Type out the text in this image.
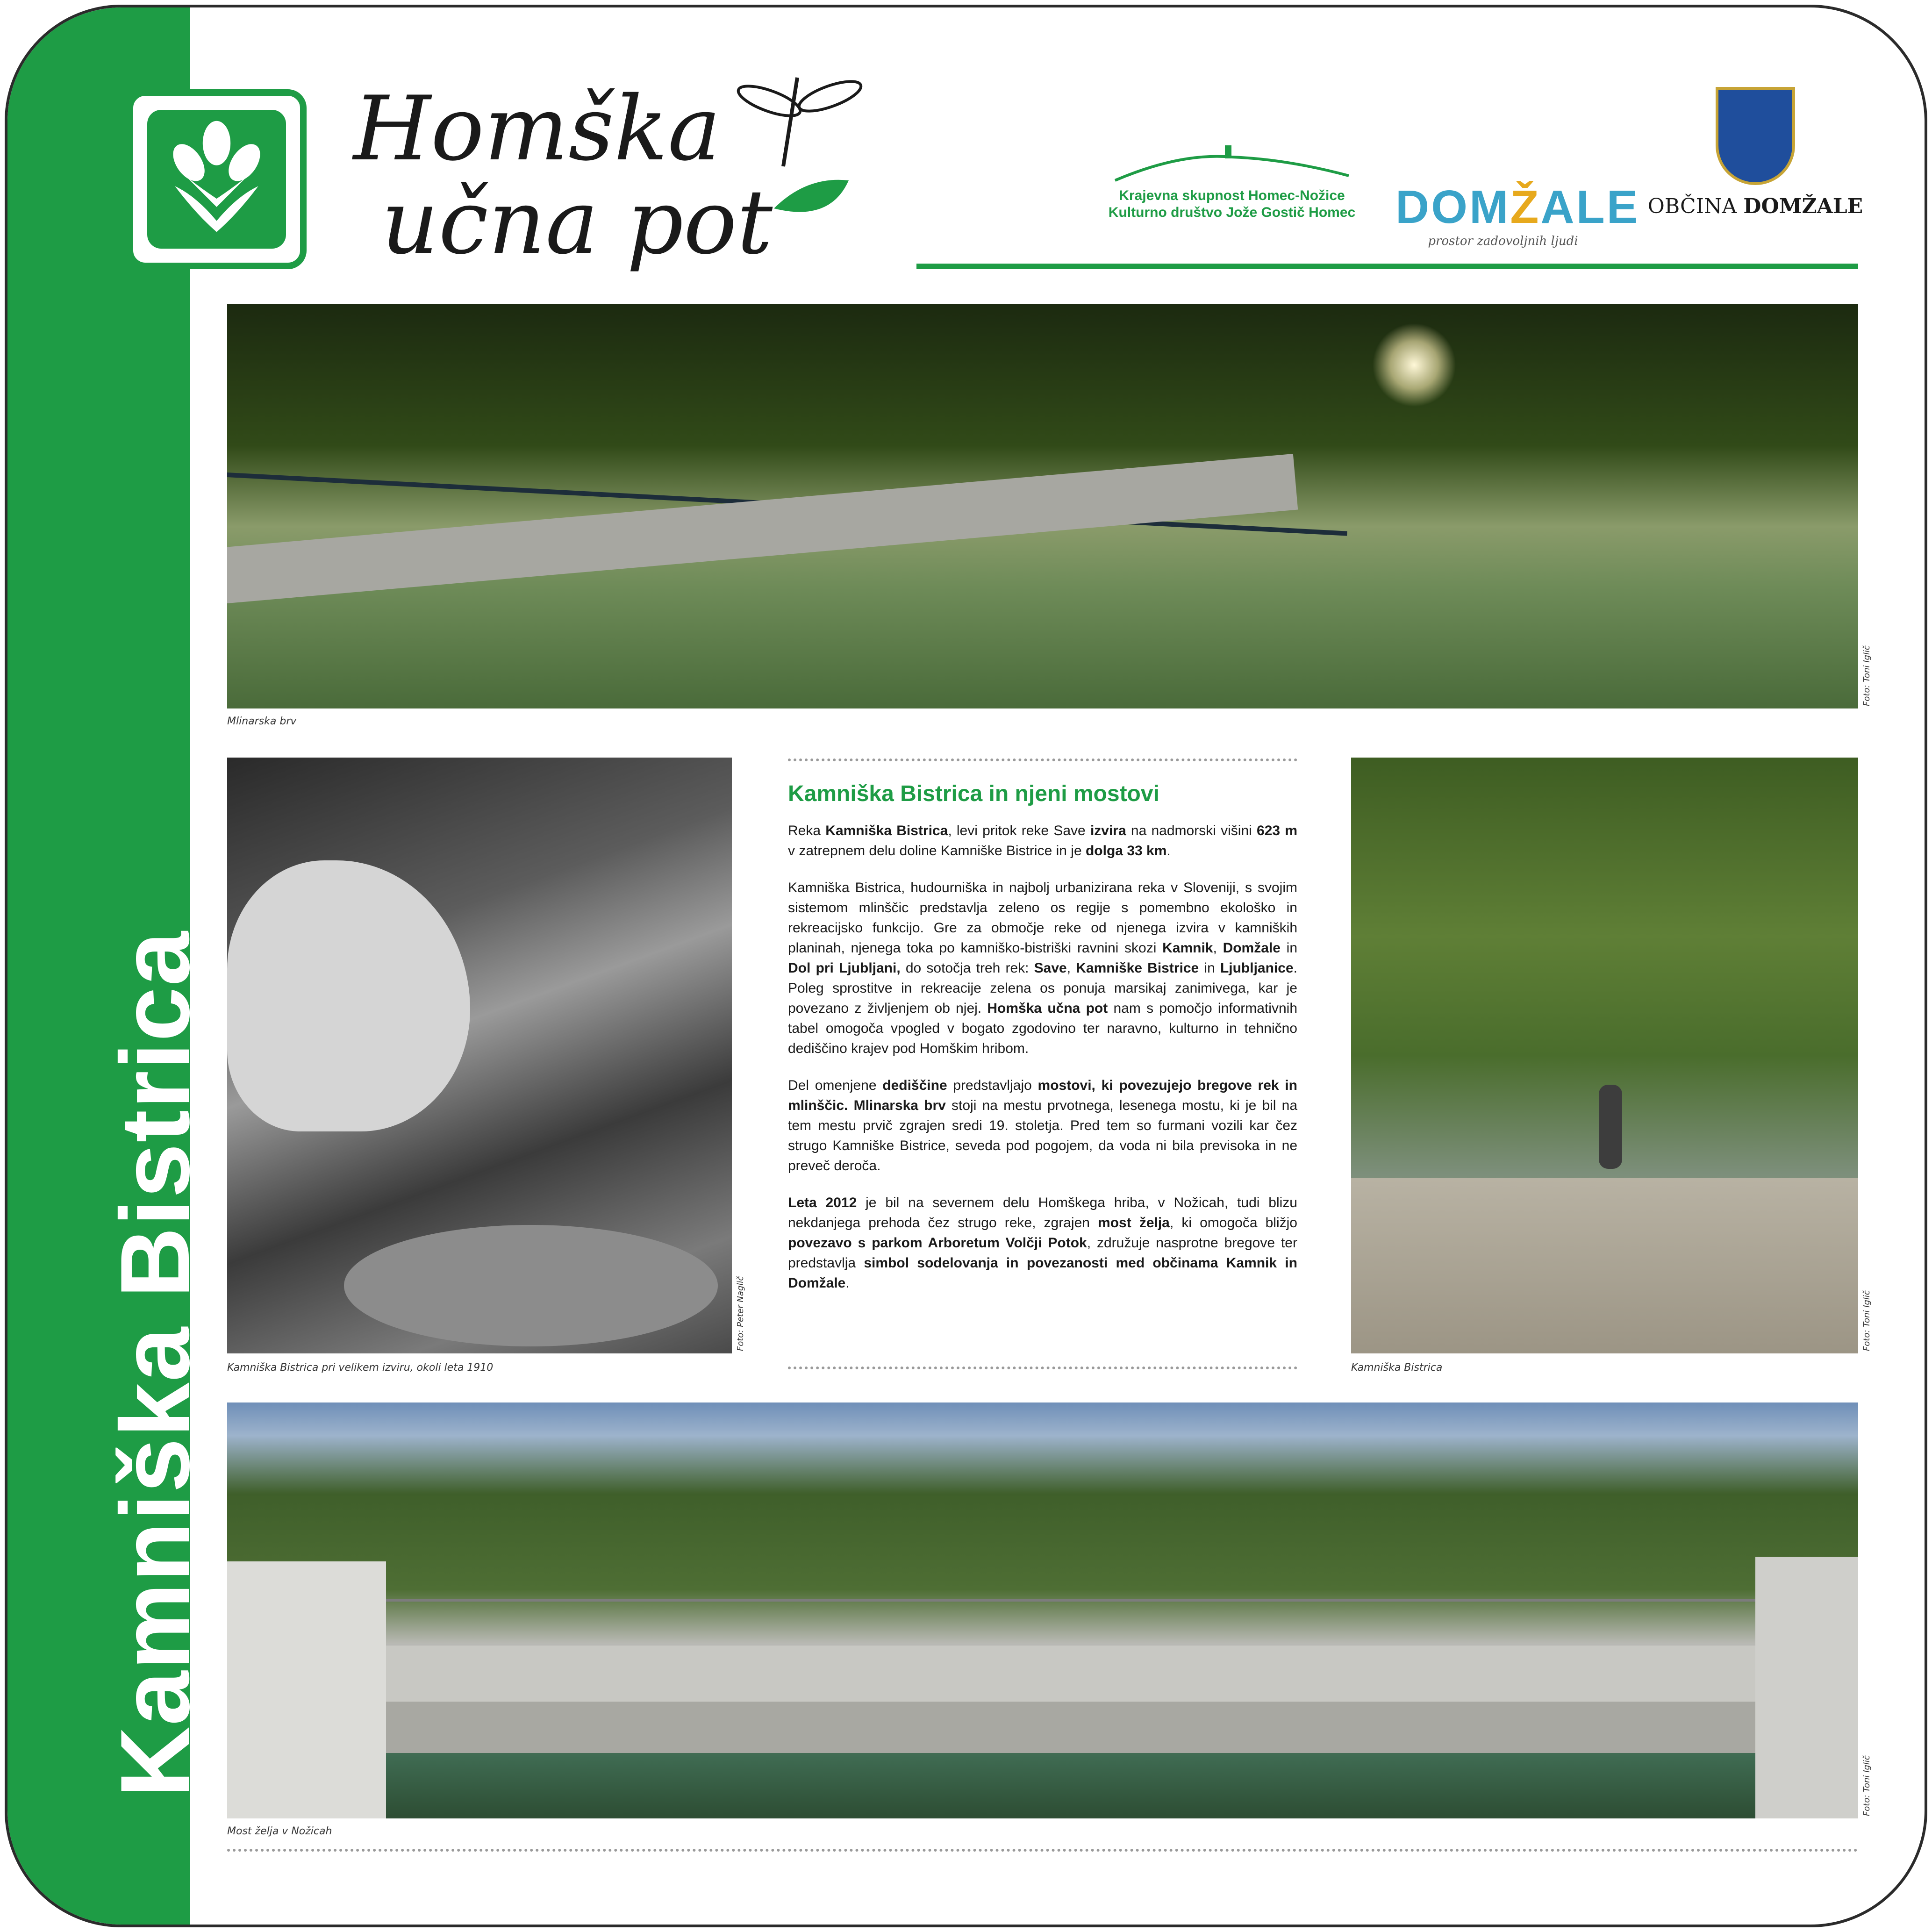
Kamniška Bistrica
Homška
učna pot	Krajevna skupnost Homec-Nožice
Kulturno društvo Jože Gostič Homec DOMŽALE
prostor zadovoljnih ljudi
OBČINA DOMŽALE
Mlinarska brv
Foto: Toni Iglič
Kamniška Bistrica pri velikem izviru, okoli leta 1910
Foto: Peter Naglič
Kamniška Bistrica in njeni mostovi

Reka Kamniška Bistrica, levi pritok reke Save izvira na nadmorski višini 623 m v zatrepnem delu doline Kamniške Bistrice in je dolga 33 km.

Kamniška Bistrica, hudourniška in najbolj urbanizirana reka v Sloveniji, s svojim sistemom mlinščic predstavlja zeleno os regije s pomembno ekološko in rekreacijsko funkcijo. Gre za območje reke od njenega izvira v kamniških planinah, njenega toka po kamniško-bistriški ravnini skozi Kamnik, Domžale in Dol pri Ljubljani, do sotočja treh rek: Save, Kamniške Bistrice in Ljubljanice. Poleg sprostitve in rekreacije zelena os ponuja marsikaj zanimivega, kar je povezano z življenjem ob njej. Homška učna pot nam s pomočjo informativnih tabel omogoča vpogled v bogato zgodovino ter naravno, kulturno in tehnično dediščino krajev pod Homškim hribom.

Del omenjene dediščine predstavljajo mostovi, ki povezujejo bregove rek in mlinščic. Mlinarska brv stoji na mestu prvotnega, lesenega mostu, ki je bil na tem mestu prvič zgrajen sredi 19. stoletja. Pred tem so furmani vozili kar čez strugo Kamniške Bistrice, seveda pod pogojem, da voda ni bila previsoka in ne preveč deroča.

Leta 2012 je bil na severnem delu Homškega hriba, v Nožicah, tudi blizu nekdanjega prehoda čez strugo reke, zgrajen most želja, ki omogoča bližjo povezavo s parkom Arboretum Volčji Potok, združuje nasprotne bregove ter predstavlja simbol sodelovanja in povezanosti med občinama Kamnik in Domžale.

Kamniška Bistrica
Foto: Toni Iglič
Most želja v Nožicah
Foto: Toni Iglič
